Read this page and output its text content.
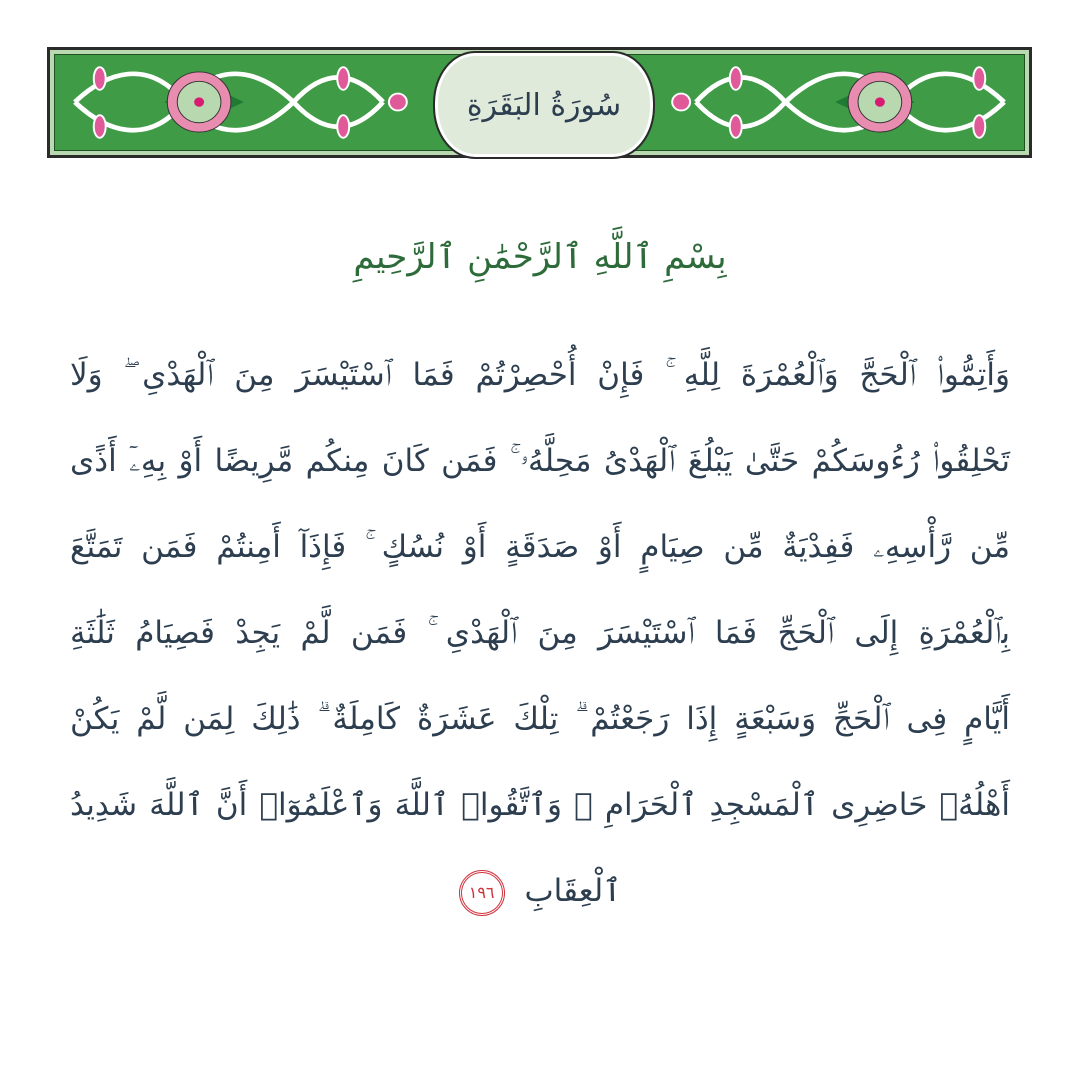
سُورَةُ البَقَرَةِ
بِسْمِ ٱللَّهِ ٱلرَّحْمَٰنِ ٱلرَّحِيمِ
وَأَتِمُّوا۟ ٱلْحَجَّ وَٱلْعُمْرَةَ لِلَّهِ ۚ فَإِنْ أُحْصِرْتُمْ فَمَا ٱسْتَيْسَرَ مِنَ ٱلْهَدْىِ ۖ وَلَا
تَحْلِقُوا۟ رُءُوسَكُمْ حَتَّىٰ يَبْلُغَ ٱلْهَدْىُ مَحِلَّهُۥ ۚ فَمَن كَانَ مِنكُم مَّرِيضًا أَوْ بِهِۦٓ أَذًى
مِّن رَّأْسِهِۦ فَفِدْيَةٌ مِّن صِيَامٍ أَوْ صَدَقَةٍ أَوْ نُسُكٍ ۚ فَإِذَآ أَمِنتُمْ فَمَن تَمَتَّعَ
بِٱلْعُمْرَةِ إِلَى ٱلْحَجِّ فَمَا ٱسْتَيْسَرَ مِنَ ٱلْهَدْىِ ۚ فَمَن لَّمْ يَجِدْ فَصِيَامُ ثَلَٰثَةِ
أَيَّامٍ فِى ٱلْحَجِّ وَسَبْعَةٍ إِذَا رَجَعْتُمْ ۗ تِلْكَ عَشَرَةٌ كَامِلَةٌ ۗ ذَٰلِكَ لِمَن لَّمْ يَكُنْ
أَهْلُهُۥ حَاضِرِى ٱلْمَسْجِدِ ٱلْحَرَامِ ۚ وَٱتَّقُوا۟ ٱللَّهَ وَٱعْلَمُوٓا۟ أَنَّ ٱللَّهَ شَدِيدُ
ٱلْعِقَابِ ١٩٦
